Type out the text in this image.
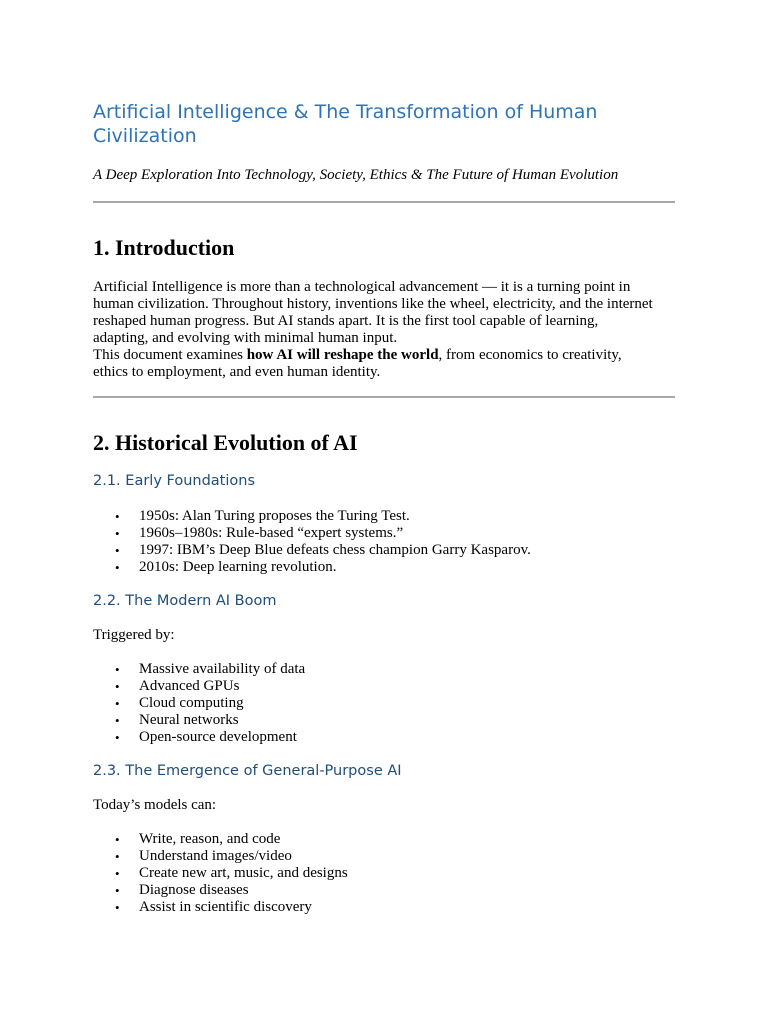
Artificial Intelligence & The Transformation of Human
Civilization

A Deep Exploration Into Technology, Society, Ethics & The Future of Human Evolution

1. Introduction
Artificial Intelligence is more than a technological advancement — it is a turning point in
human civilization. Throughout history, inventions like the wheel, electricity, and the internet
reshaped human progress. But AI stands apart. It is the first tool capable of learning,
adapting, and evolving with minimal human input.
This document examines how AI will reshape the world, from economics to creativity,
ethics to employment, and even human identity.
2. Historical Evolution of AI
2.1. Early Foundations
• 1950s: Alan Turing proposes the Turing Test.
• 1960s–1980s: Rule-based “expert systems.”
• 1997: IBM’s Deep Blue defeats chess champion Garry Kasparov.
• 2010s: Deep learning revolution.
2.2. The Modern AI Boom

Triggered by:

• Massive availability of data
• Advanced GPUs
• Cloud computing
• Neural networks
• Open-source development
2.3. The Emergence of General-Purpose AI

Today’s models can:

• Write, reason, and code
• Understand images/video
• Create new art, music, and designs
• Diagnose diseases
• Assist in scientific discovery
